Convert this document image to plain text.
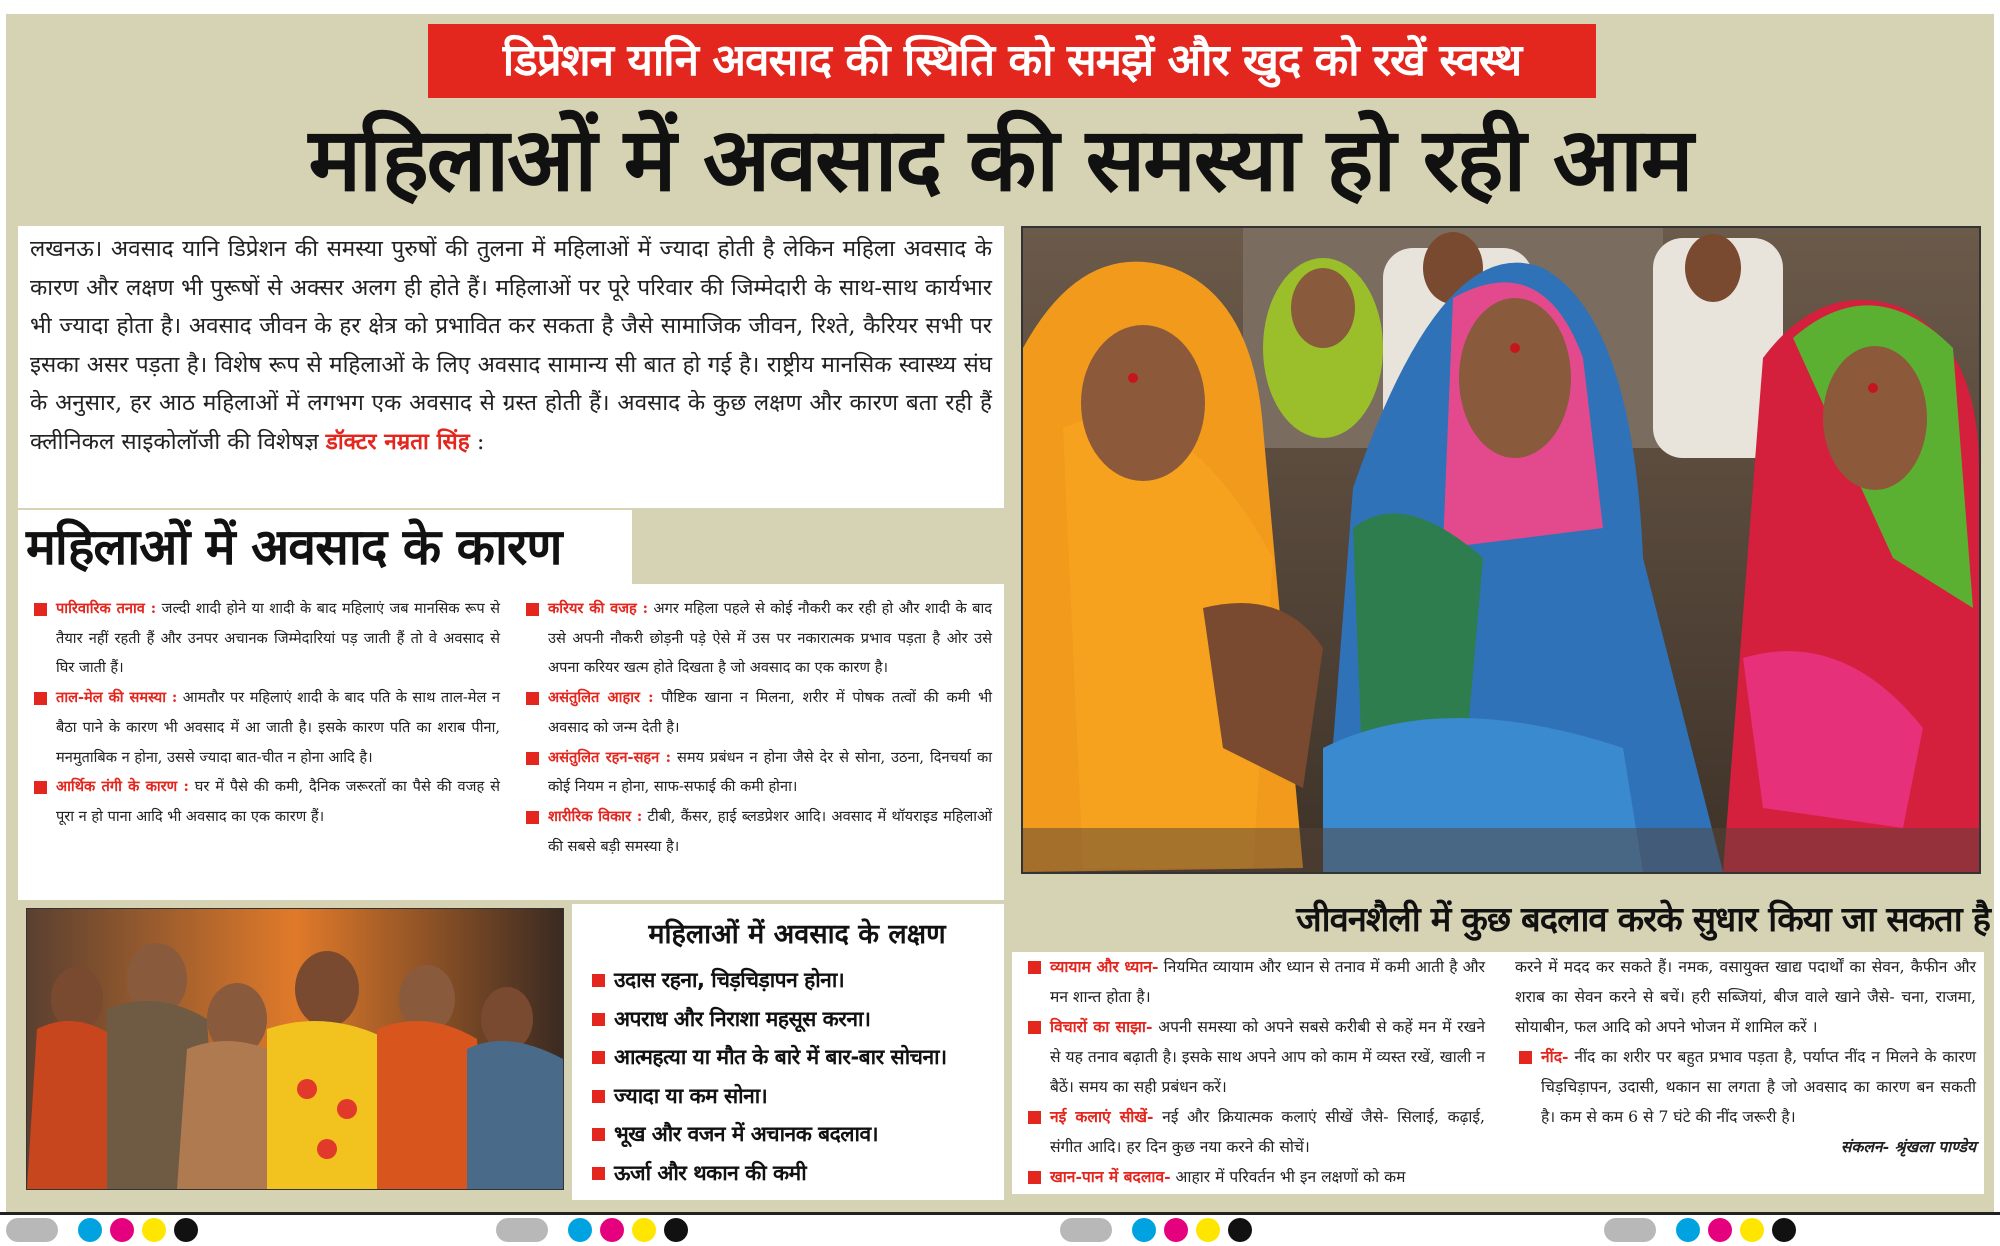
डिप्रेशन यानि अवसाद की स्थिति को समझें और खुद को रखें स्वस्थ
महिलाओं में अवसाद की समस्या हो रही आम
लखनऊ। अवसाद यानि डिप्रेशन की समस्या पुरुषों की तुलना में महिलाओं में ज्यादा होती है लेकिन महिला अवसाद के कारण और लक्षण भी पुरूषों से अक्सर अलग ही होते हैं। महिलाओं पर पूरे परिवार की जिम्मेदारी के साथ-साथ कार्यभार भी ज्यादा होता है। अवसाद जीवन के हर क्षेत्र को प्रभावित कर सकता है जैसे सामाजिक जीवन, रिश्ते, कैरियर सभी पर इसका असर पड़ता है। विशेष रूप से महिलाओं के लिए अवसाद सामान्य सी बात हो गई है। राष्ट्रीय मानसिक स्वास्थ्य संघ के अनुसार, हर आठ महिलाओं में लगभग एक अवसाद से ग्रस्त होती हैं। अवसाद के कुछ लक्षण और कारण बता रही हैं क्लीनिकल साइकोलॉजी की विशेषज्ञ डॉक्टर नम्रता सिंह :
महिलाओं में अवसाद के कारण
पारिवारिक तनाव : जल्दी शादी होने या शादी के बाद महिलाएं जब मानसिक रूप से तैयार नहीं रहती हैं और उनपर अचानक जिम्मेदारियां पड़ जाती हैं तो वे अवसाद से घिर जाती हैं।
ताल-मेल की समस्या : आमतौर पर महिलाएं शादी के बाद पति के साथ ताल-मेल न बैठा पाने के कारण भी अवसाद में आ जाती है। इसके कारण पति का शराब पीना, मनमुताबिक न होना, उससे ज्यादा बात-चीत न होना आदि है।
आर्थिक तंगी के कारण : घर में पैसे की कमी, दैनिक जरूरतों का पैसे की वजह से पूरा न हो पाना आदि भी अवसाद का एक कारण हैं।
करियर की वजह : अगर महिला पहले से कोई नौकरी कर रही हो और शादी के बाद उसे अपनी नौकरी छोड़नी पड़े ऐसे में उस पर नकारात्मक प्रभाव पड़ता है ओर उसे अपना करियर खत्म होते दिखता है जो अवसाद का एक कारण है।
असंतुलित आहार : पौष्टिक खाना न मिलना, शरीर में पोषक तत्वों की कमी भी अवसाद को जन्म देती है।
असंतुलित रहन-सहन : समय प्रबंधन न होना जैसे देर से सोना, उठना, दिनचर्या का कोई नियम न होना, साफ-सफाई की कमी होना।
शारीरिक विकार : टीबी, कैंसर, हाई ब्लडप्रेशर आदि। अवसाद में थॉयराइड महिलाओं की सबसे बड़ी समस्या है।
महिलाओं में अवसाद के लक्षण
उदास रहना, चिड़चिड़ापन होना।
अपराध और निराशा महसूस करना।
आत्महत्या या मौत के बारे में बार-बार सोचना।
ज्यादा या कम सोना।
भूख और वजन में अचानक बदलाव।
ऊर्जा और थकान की कमी
जीवनशैली में कुछ बदलाव करके सुधार किया जा सकता है
व्यायाम और ध्यान- नियमित व्यायाम और ध्यान से तनाव में कमी आती है और मन शान्त होता है।
विचारों का साझा- अपनी समस्या को अपने सबसे करीबी से कहें मन में रखने से यह तनाव बढ़ाती है। इसके साथ अपने आप को काम में व्यस्त रखें, खाली न बैठें। समय का सही प्रबंधन करें।
नई कलाएं सीखें- नई और क्रियात्मक कलाएं सीखें जैसे- सिलाई, कढ़ाई, संगीत आदि। हर दिन कुछ नया करने की सोचें।
खान-पान में बदलाव- आहार में परिवर्तन भी इन लक्षणों को कम
करने में मदद कर सकते हैं। नमक, वसायुक्त खाद्य पदार्थों का सेवन, कैफीन और शराब का सेवन करने से बचें। हरी सब्जियां, बीज वाले खाने जैसे- चना, राजमा, सोयाबीन, फल आदि को अपने भोजन में शामिल करें ।
नींद- नींद का शरीर पर बहुत प्रभाव पड़ता है, पर्याप्त नींद न मिलने के कारण चिड़चिड़ापन, उदासी, थकान सा लगता है जो अवसाद का कारण बन सकती है। कम से कम 6 से 7 घंटे की नींद जरूरी है।
संकलन- श्रृंखला पाण्डेय
